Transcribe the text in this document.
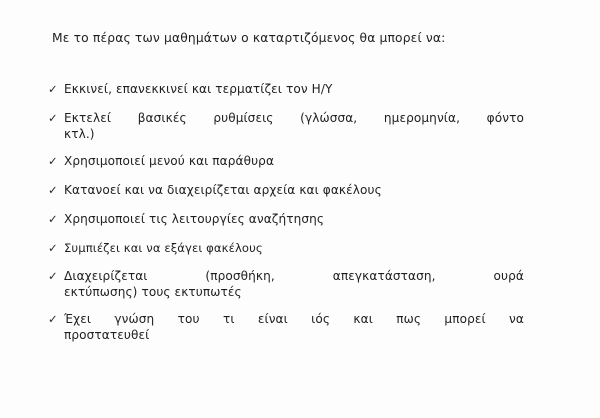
Με το πέρας των μαθημάτων ο καταρτιζόμενος θα μπορεί να:

✓ Εκκινεί, επανεκκινεί και τερματίζει τον Η/Υ
✓ Εκτελεί βασικές ρυθμίσεις (γλώσσα, ημερομηνία, φόντο
κτλ.)
✓ Χρησιμοποιεί μενού και παράθυρα
✓ Κατανοεί και να διαχειρίζεται αρχεία και φακέλους
✓ Χρησιμοποιεί τις λειτουργίες αναζήτησης
✓ Συμπιέζει και να εξάγει φακέλους
✓ Διαχειρίζεται (προσθήκη, απεγκατάσταση, ουρά
εκτύπωσης) τους εκτυπωτές
✓ Έχει γνώση του τι είναι ιός και πως μπορεί να
προστατευθεί
